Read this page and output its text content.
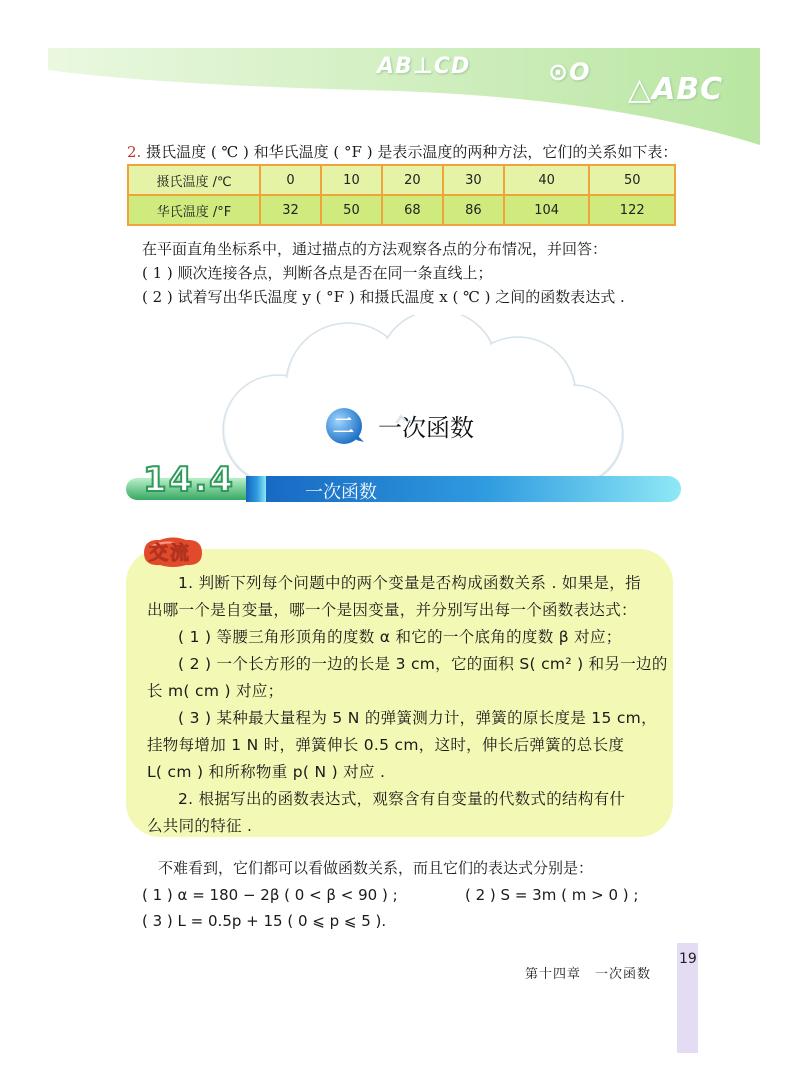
AB⊥CD	⊙O △ABC
2. 摄氏温度 ( ℃ ) 和华氏温度 ( °F ) 是表示温度的两种方法，它们的关系如下表：
摄氏温度 /℃	0	10	20	30	40	50
华氏温度 /°F	32	50	68	86	104	122
在平面直角坐标系中，通过描点的方法观察各点的分布情况，并回答：
( 1 ) 顺次连接各点，判断各点是否在同一条直线上；
( 2 ) 试着写出华氏温度 y ( °F ) 和摄氏温度 x ( ℃ ) 之间的函数表达式 .
二 一次函数
14.4	一次函数
交流
1. 判断下列每个问题中的两个变量是否构成函数关系 . 如果是，指
出哪一个是自变量，哪一个是因变量，并分别写出每一个函数表达式：
( 1 ) 等腰三角形顶角的度数 α 和它的一个底角的度数 β 对应；
( 2 ) 一个长方形的一边的长是 3 cm，它的面积 S( cm² ) 和另一边的
长 m( cm ) 对应；
( 3 ) 某种最大量程为 5 N 的弹簧测力计，弹簧的原长度是 15 cm，
挂物每增加 1 N 时，弹簧伸长 0.5 cm，这时，伸长后弹簧的总长度
L( cm ) 和所称物重 p( N ) 对应 .
2. 根据写出的函数表达式，观察含有自变量的代数式的结构有什
么共同的特征 .
不难看到，它们都可以看做函数关系，而且它们的表达式分别是：
( 1 ) α = 180 − 2β ( 0 < β < 90 ) ;	( 2 ) S = 3m ( m > 0 ) ;
( 3 ) L = 0.5p + 15 ( 0 ⩽ p ⩽ 5 ).
第十四章　一次函数
19
